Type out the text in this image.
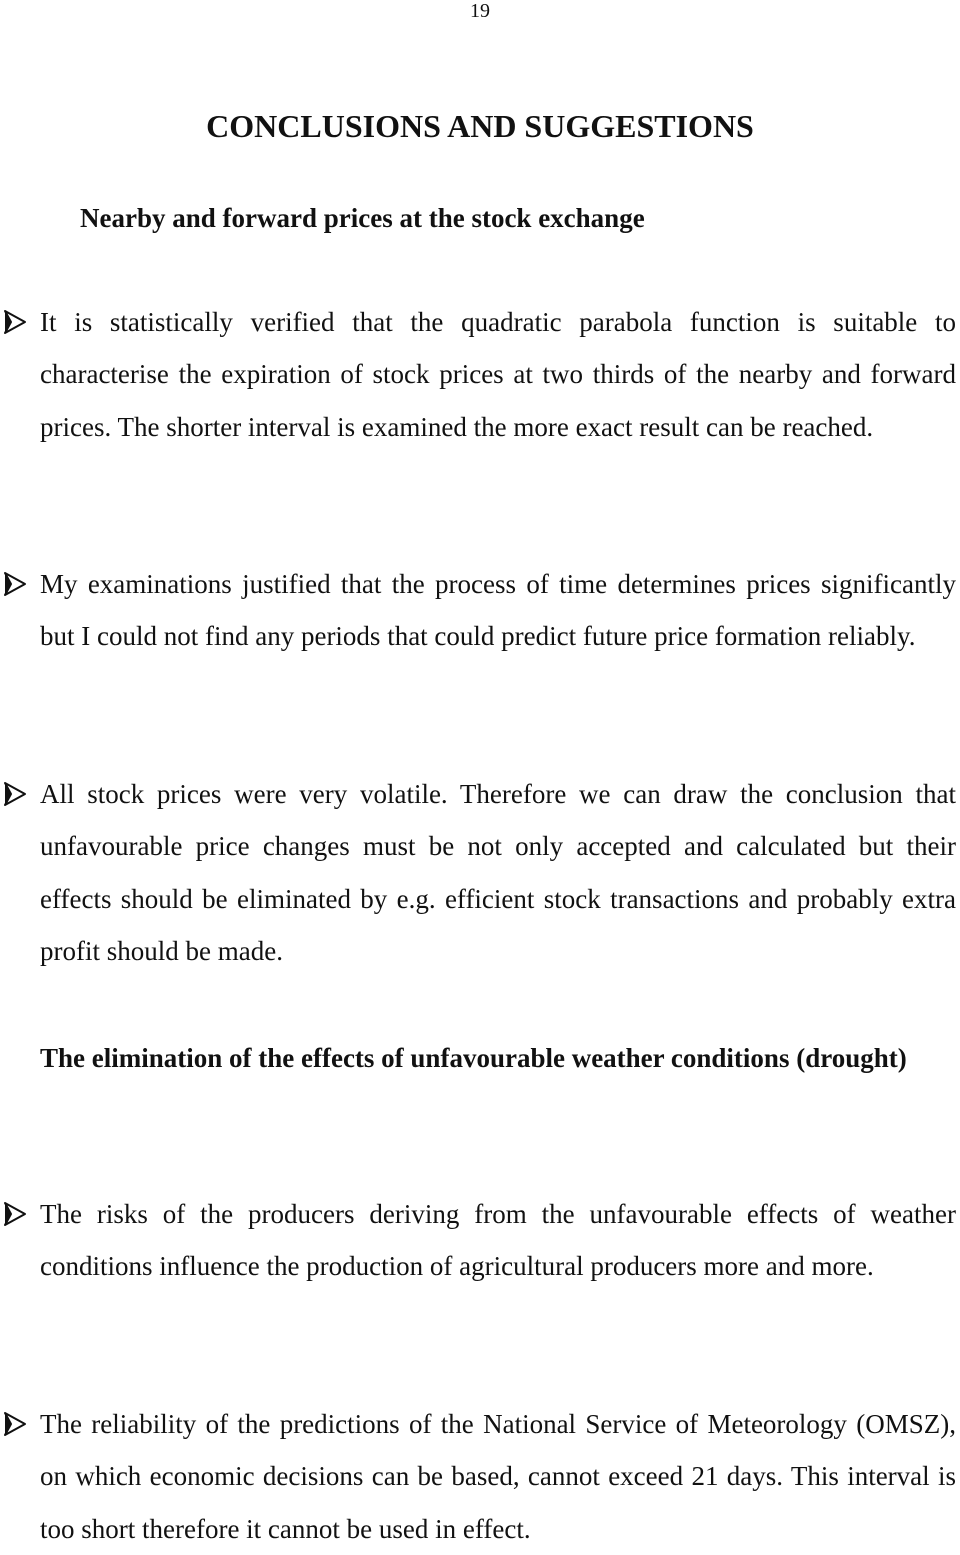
19
CONCLUSIONS AND SUGGESTIONS
Nearby and forward prices at the stock exchange
It is statistically verified that the quadratic parabola function is suitable to characterise the expiration of stock prices at two thirds of the nearby and forward prices. The shorter interval is examined the more exact result can be reached.
My examinations justified that the process of time determines prices significantly but I could not find any periods that could predict future price formation reliably.
All stock prices were very volatile. Therefore we can draw the conclusion that unfavourable price changes must be not only accepted and calculated but their effects should be eliminated by e.g. efficient stock transactions and probably extra profit should be made.
The elimination of the effects of unfavourable weather conditions (drought)
The risks of the producers deriving from the unfavourable effects of weather conditions influence the production of agricultural producers more and more.
The reliability of the predictions of the National Service of Meteorology (OMSZ), on which economic decisions can be based, cannot exceed 21 days. This interval is too short therefore it cannot be used in effect.
